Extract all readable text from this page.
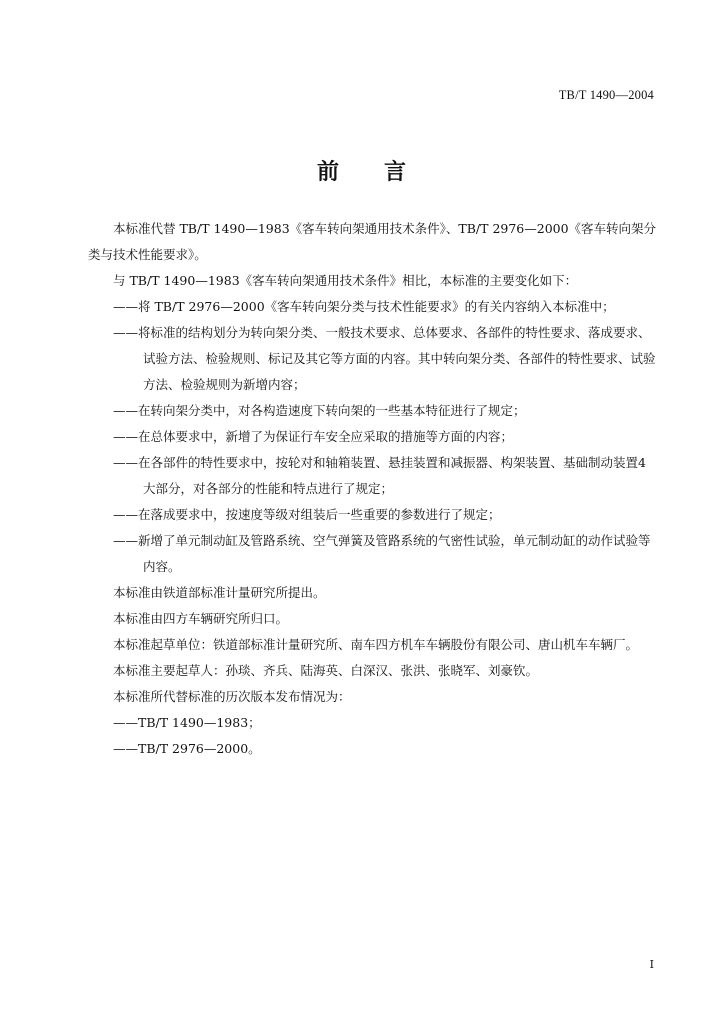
TB/T 1490—2004
前 言

本标准代替 TB/T 1490—1983《客车转向架通用技术条件》、TB/T 2976—2000《客车转向架分类与技术性能要求》。

与 TB/T 1490—1983《客车转向架通用技术条件》相比，本标准的主要变化如下：

——将 TB/T 2976—2000《客车转向架分类与技术性能要求》的有关内容纳入本标准中；

——将标准的结构划分为转向架分类、一般技术要求、总体要求、各部件的特性要求、落成要求、试验方法、检验规则、标记及其它等方面的内容。其中转向架分类、各部件的特性要求、试验方法、检验规则为新增内容；

——在转向架分类中，对各构造速度下转向架的一些基本特征进行了规定；

——在总体要求中，新增了为保证行车安全应采取的措施等方面的内容；

——在各部件的特性要求中，按轮对和轴箱装置、悬挂装置和减振器、构架装置、基础制动装置4大部分，对各部分的性能和特点进行了规定；

——在落成要求中，按速度等级对组装后一些重要的参数进行了规定；

——新增了单元制动缸及管路系统、空气弹簧及管路系统的气密性试验，单元制动缸的动作试验等内容。

本标准由铁道部标准计量研究所提出。

本标准由四方车辆研究所归口。

本标准起草单位：铁道部标准计量研究所、南车四方机车车辆股份有限公司、唐山机车车辆厂。

本标准主要起草人：孙琰、齐兵、陆海英、白深汉、张洪、张晓军、刘豪钦。

本标准所代替标准的历次版本发布情况为：

——TB/T 1490—1983；

——TB/T 2976—2000。

I
